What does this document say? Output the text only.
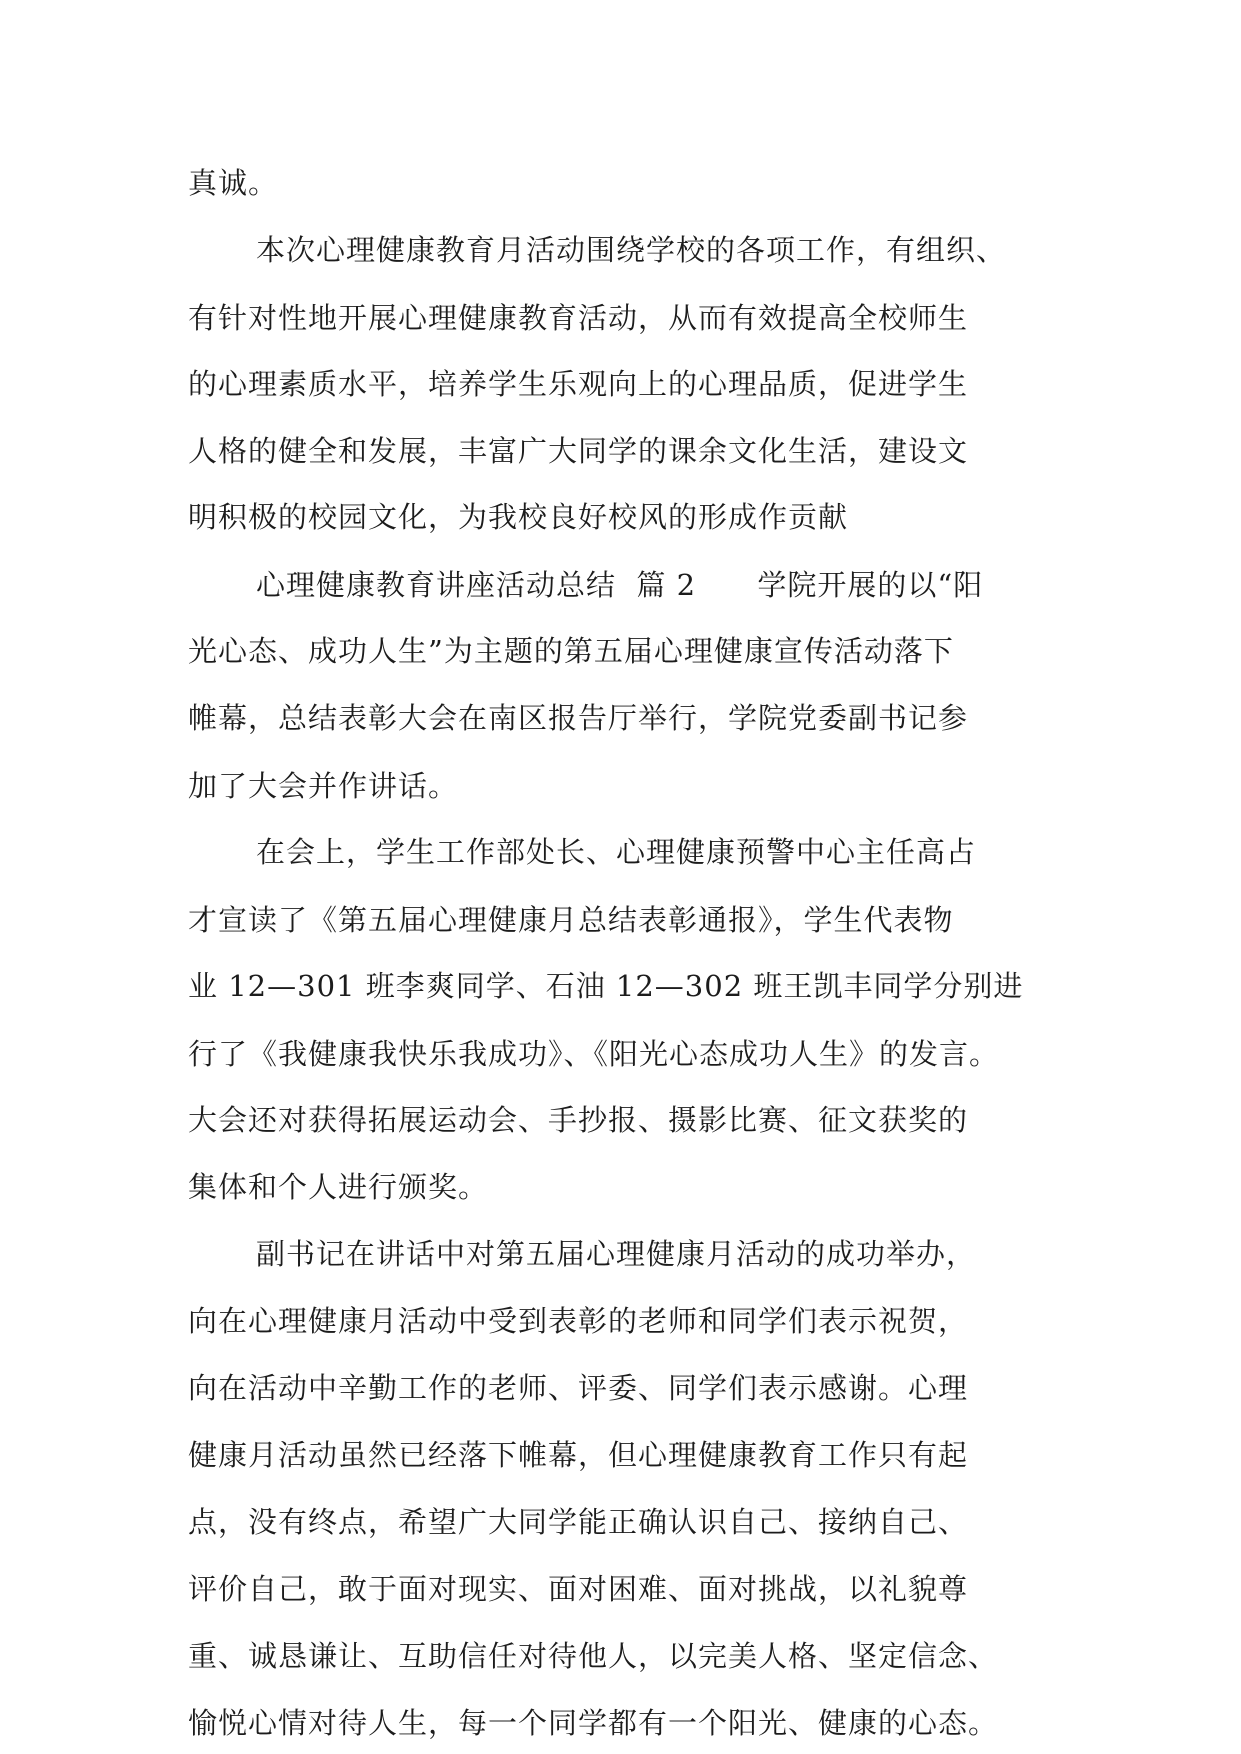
真诚。
本次心理健康教育月活动围绕学校的各项工作，有组织、
有针对性地开展心理健康教育活动，从而有效提高全校师生
的心理素质水平，培养学生乐观向上的心理品质，促进学生
人格的健全和发展，丰富广大同学的课余文化生活，建设文
明积极的校园文化，为我校良好校风的形成作贡献
心理健康教育讲座活动总结  篇 2      学院开展的以“阳
光心态、成功人生”为主题的第五届心理健康宣传活动落下
帷幕，总结表彰大会在南区报告厅举行，学院党委副书记参
加了大会并作讲话。
在会上，学生工作部处长、心理健康预警中心主任高占
才宣读了《第五届心理健康月总结表彰通报》，学生代表物
业 12—301 班李爽同学、石油 12—302 班王凯丰同学分别进
行了《我健康我快乐我成功》、《阳光心态成功人生》的发言。
大会还对获得拓展运动会、手抄报、摄影比赛、征文获奖的
集体和个人进行颁奖。
副书记在讲话中对第五届心理健康月活动的成功举办，
向在心理健康月活动中受到表彰的老师和同学们表示祝贺，
向在活动中辛勤工作的老师、评委、同学们表示感谢。心理
健康月活动虽然已经落下帷幕，但心理健康教育工作只有起
点，没有终点，希望广大同学能正确认识自己、接纳自己、
评价自己，敢于面对现实、面对困难、面对挑战，以礼貌尊
重、诚恳谦让、互助信任对待他人，以完美人格、坚定信念、
愉悦心情对待人生，每一个同学都有一个阳光、健康的心态。
